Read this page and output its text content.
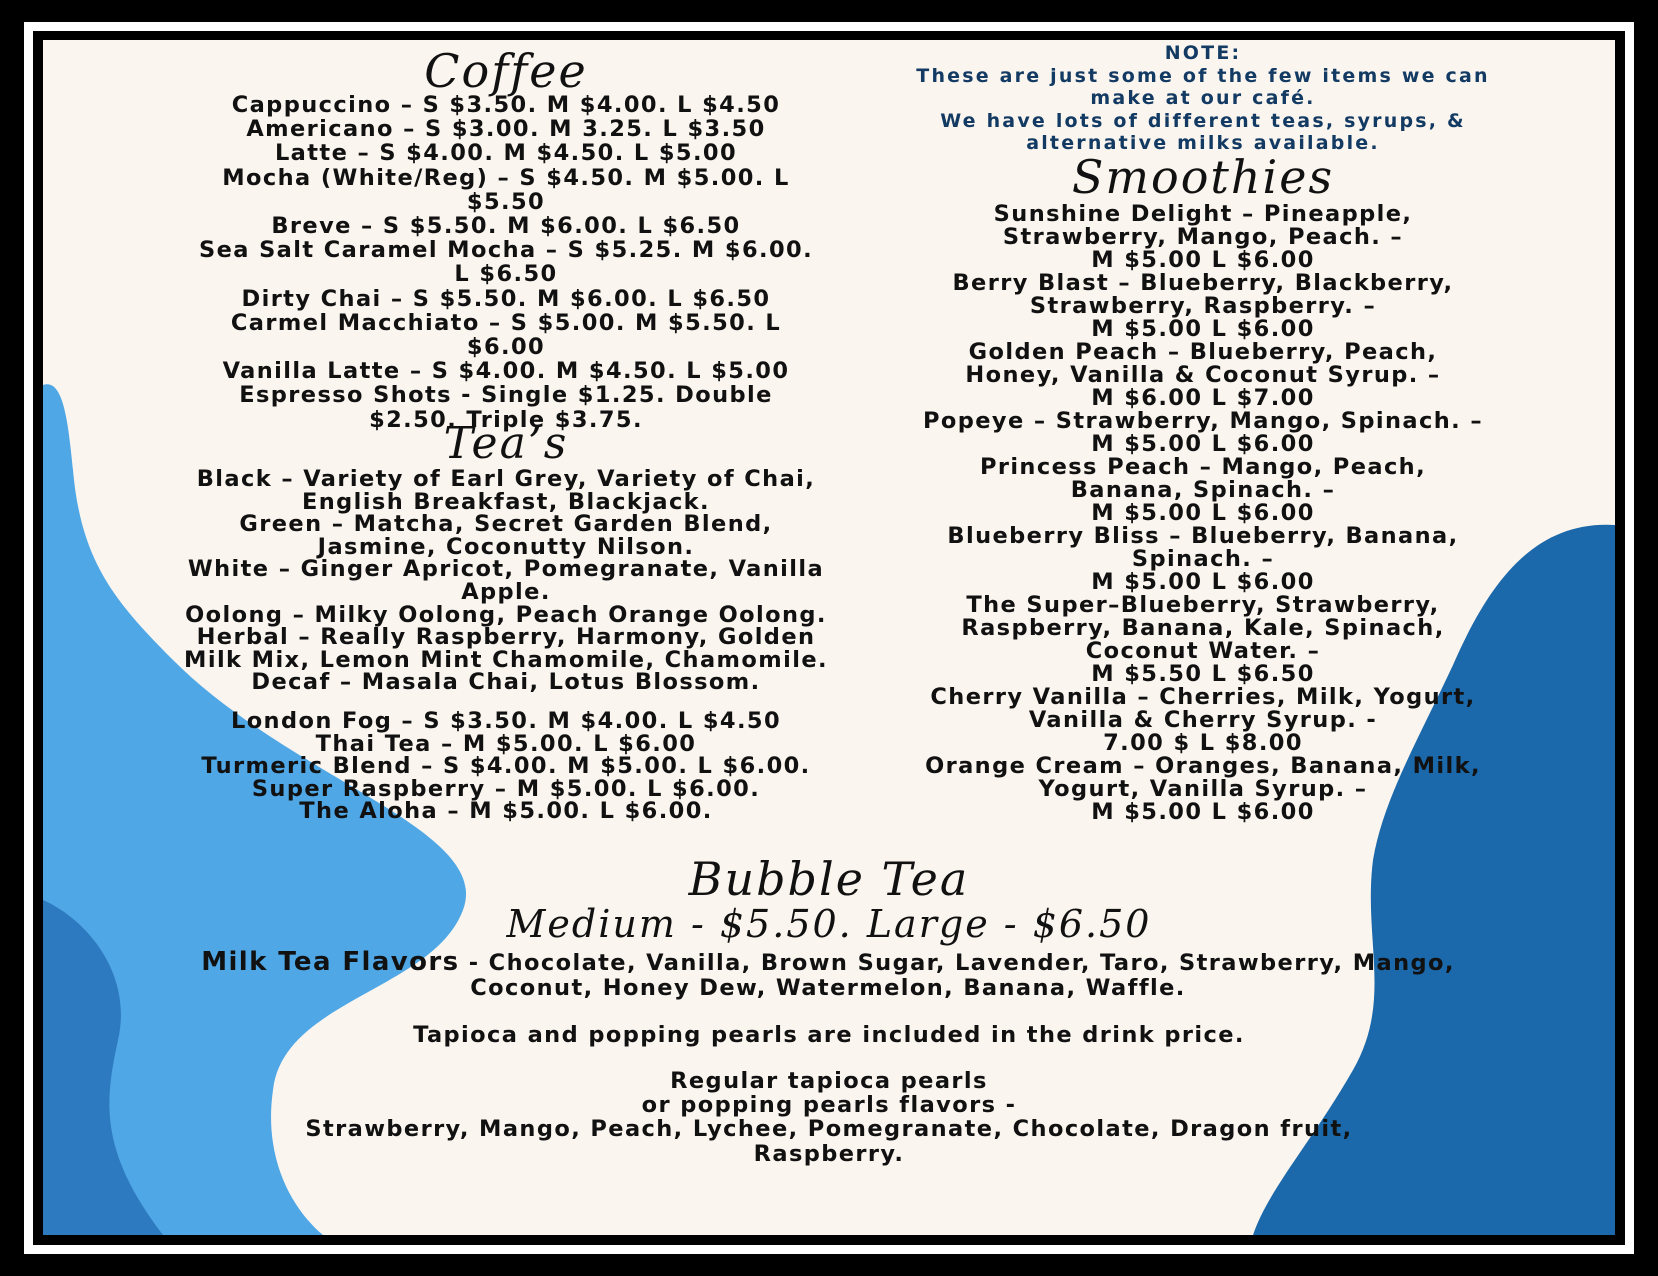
Coffee
Cappuccino – S $3.50. M $4.00. L $4.50
Americano – S $3.00. M 3.25. L $3.50
Latte – S $4.00. M $4.50. L $5.00
Mocha (White/Reg) – S $4.50. M $5.00. L
$5.50
Breve – S $5.50. M $6.00. L $6.50
Sea Salt Caramel Mocha – S $5.25. M $6.00.
L $6.50
Dirty Chai – S $5.50. M $6.00. L $6.50
Carmel Macchiato – S $5.00. M $5.50. L
$6.00
Vanilla Latte – S $4.00. M $4.50. L $5.00
Espresso Shots - Single $1.25. Double
$2.50. Triple $3.75.
Tea’s
Black – Variety of Earl Grey, Variety of Chai,
English Breakfast, Blackjack.
Green – Matcha, Secret Garden Blend,
Jasmine, Coconutty Nilson.
White – Ginger Apricot, Pomegranate, Vanilla
Apple.
Oolong – Milky Oolong, Peach Orange Oolong.
Herbal – Really Raspberry, Harmony, Golden
Milk Mix, Lemon Mint Chamomile, Chamomile.
Decaf – Masala Chai, Lotus Blossom.
London Fog – S $3.50. M $4.00. L $4.50
Thai Tea – M $5.00. L $6.00
Turmeric Blend – S $4.00. M $5.00. L $6.00.
Super Raspberry – M $5.00. L $6.00.
The Aloha – M $5.00. L $6.00.
NOTE:
These are just some of the few items we can
make at our café.
We have lots of different teas, syrups, &
alternative milks available.
Smoothies
Sunshine Delight – Pineapple,
Strawberry, Mango, Peach. –
M $5.00 L $6.00
Berry Blast – Blueberry, Blackberry,
Strawberry, Raspberry. –
M $5.00 L $6.00
Golden Peach – Blueberry, Peach,
Honey, Vanilla & Coconut Syrup. –
M $6.00 L $7.00
Popeye – Strawberry, Mango, Spinach. –
M $5.00 L $6.00
Princess Peach – Mango, Peach,
Banana, Spinach. –
M $5.00 L $6.00
Blueberry Bliss – Blueberry, Banana,
Spinach. –
M $5.00 L $6.00
The Super–Blueberry, Strawberry,
Raspberry, Banana, Kale, Spinach,
Coconut Water. –
M $5.50 L $6.50
Cherry Vanilla – Cherries, Milk, Yogurt,
Vanilla & Cherry Syrup. -
7.00 $ L $8.00
Orange Cream – Oranges, Banana, Milk,
Yogurt, Vanilla Syrup. –
M $5.00 L $6.00
Bubble Tea
Medium - $5.50. Large - $6.50
Milk Tea Flavors - Chocolate, Vanilla, Brown Sugar, Lavender, Taro, Strawberry, Mango, Coconut, Honey Dew, Watermelon, Banana, Waffle.
Tapioca and popping pearls are included in the drink price.
Regular tapioca pearls
or popping pearls flavors -
Strawberry, Mango, Peach, Lychee, Pomegranate, Chocolate, Dragon fruit,
Raspberry.
